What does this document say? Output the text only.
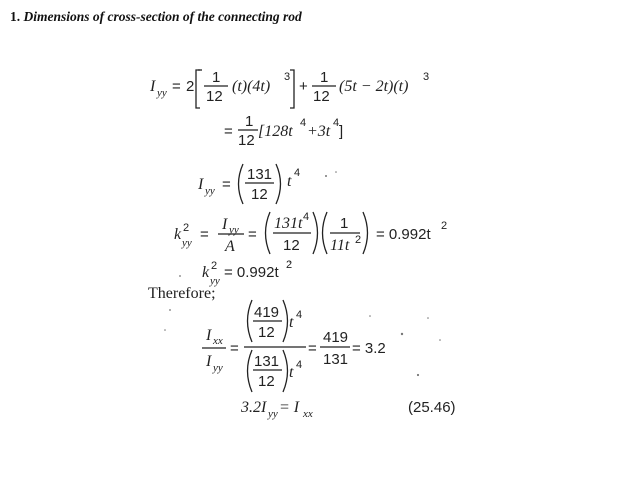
1. Dimensions of cross-section of the connecting rod
I yy = 2
1
12
(t)(4t)
3
+
1
12
(5t − 2t)(t)
3
=
1
12
[128t 4 +3t 4 ]
I yy =
131
12
t 4
k 2
yy =
I yy
A
=
131t 4
12
1
11t 2 = 0.992t 2
k 2
yy = 0.992t 2
Therefore;
I xx
I yy
=
419
12
t 4
131
12
t 4
=
419
131
= 3.2
3.2I yy = I xx	(25.46)
